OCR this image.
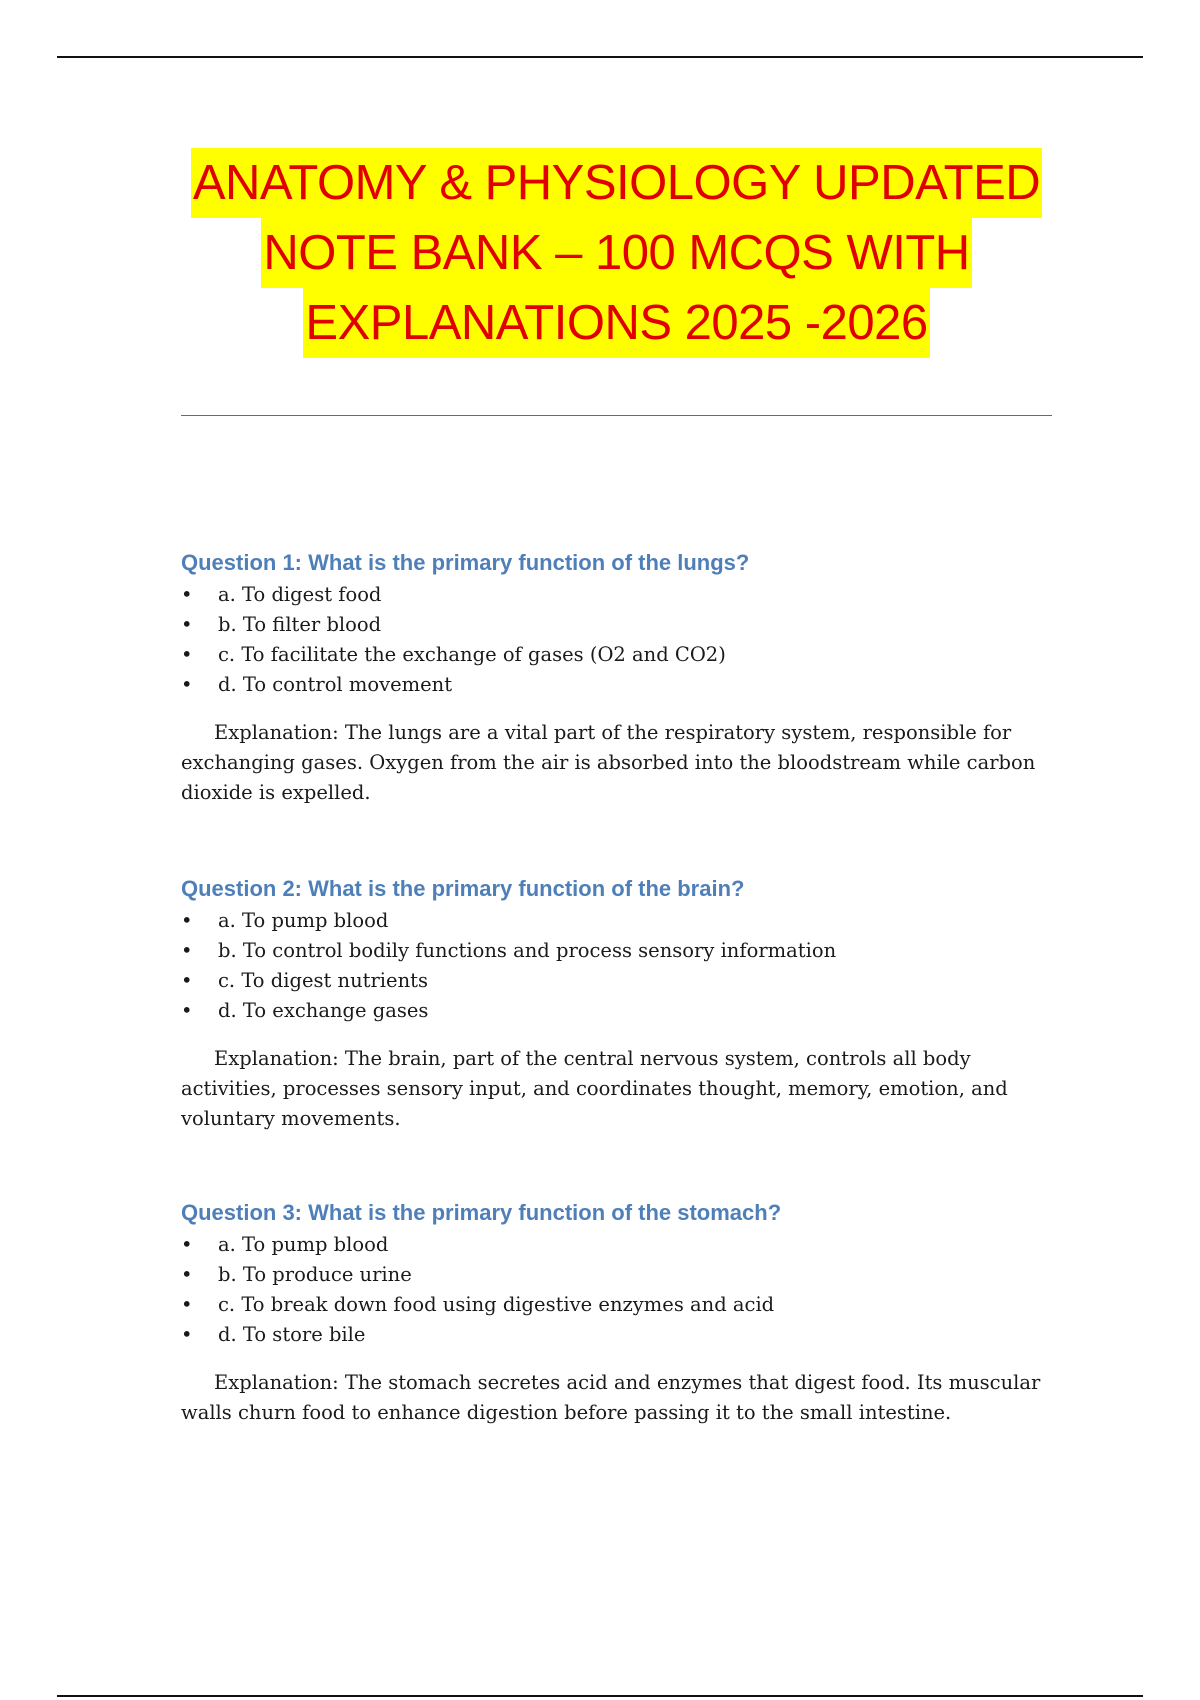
ANATOMY & PHYSIOLOGY UPDATED
NOTE BANK – 100 MCQS WITH
EXPLANATIONS 2025 -2026
Question 1: What is the primary function of the lungs?
• a. To digest food
• b. To filter blood
• c. To facilitate the exchange of gases (O2 and CO2)
• d. To control movement

Explanation: The lungs are a vital part of the respiratory system, responsible for exchanging gases. Oxygen from the air is absorbed into the bloodstream while carbon dioxide is expelled.

Question 2: What is the primary function of the brain?
• a. To pump blood
• b. To control bodily functions and process sensory information
• c. To digest nutrients
• d. To exchange gases

Explanation: The brain, part of the central nervous system, controls all body activities, processes sensory input, and coordinates thought, memory, emotion, and voluntary movements.

Question 3: What is the primary function of the stomach?
• a. To pump blood
• b. To produce urine
• c. To break down food using digestive enzymes and acid
• d. To store bile

Explanation: The stomach secretes acid and enzymes that digest food. Its muscular walls churn food to enhance digestion before passing it to the small intestine.
